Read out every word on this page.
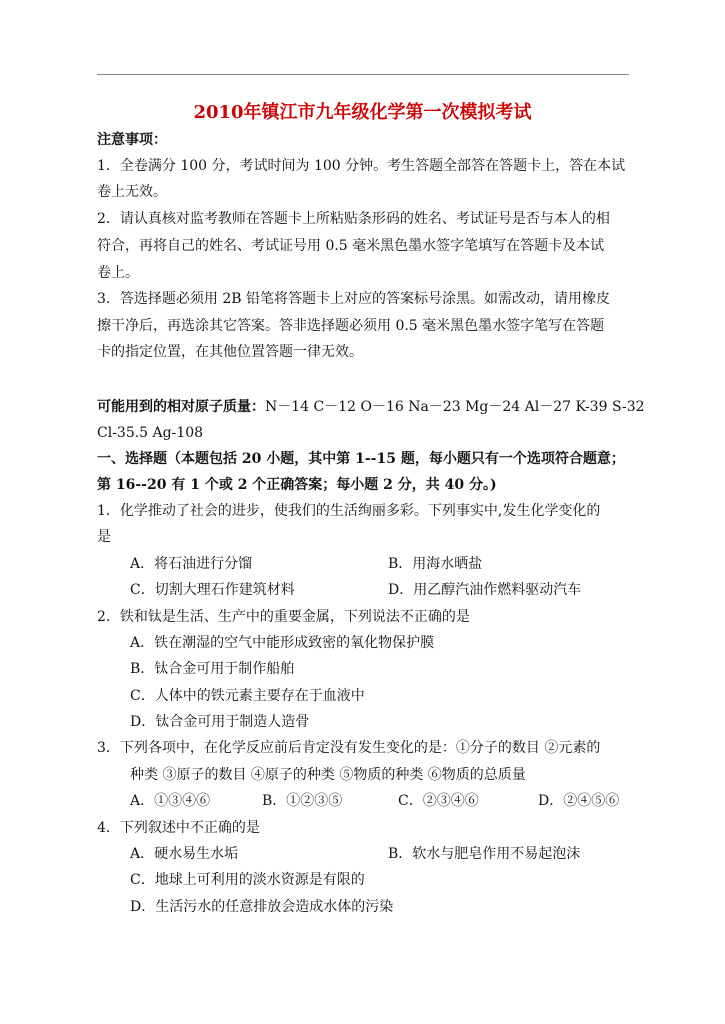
2010年镇江市九年级化学第一次模拟考试
注意事项：
1．全卷满分 100 分，考试时间为 100 分钟。考生答题全部答在答题卡上，答在本试
卷上无效。
2．请认真核对监考教师在答题卡上所粘贴条形码的姓名、考试证号是否与本人的相
符合，再将自己的姓名、考试证号用 0.5 毫米黑色墨水签字笔填写在答题卡及本试
卷上。
3．答选择题必须用 2B 铅笔将答题卡上对应的答案标号涂黑。如需改动，请用橡皮
擦干净后，再选涂其它答案。答非选择题必须用 0.5 毫米黑色墨水签字笔写在答题
卡的指定位置，在其他位置答题一律无效。
可能用到的相对原子质量：N－14 C－12 O－16 Na－23 Mg－24 Al－27 K-39 S-32
Cl-35.5 Ag-108
一、选择题（本题包括 20 小题，其中第 1--15 题，每小题只有一个选项符合题意；
第 16--20 有 1 个或 2 个正确答案；每小题 2 分，共 40 分。)
1．化学推动了社会的进步，使我们的生活绚丽多彩。下列事实中,发生化学变化的
是
A．将石油进行分馏	B．用海水晒盐
C．切割大理石作建筑材料	D．用乙醇汽油作燃料驱动汽车
2．铁和钛是生活、生产中的重要金属，下列说法不正确的是
A．铁在潮湿的空气中能形成致密的氧化物保护膜
B．钛合金可用于制作船舶
C．人体中的铁元素主要存在于血液中
D．钛合金可用于制造人造骨
3．下列各项中，在化学反应前后肯定没有发生变化的是：①分子的数目 ②元素的
种类 ③原子的数目 ④原子的种类 ⑤物质的种类 ⑥物质的总质量
A．①③④⑥	B．①②③⑤	C．②③④⑥	D．②④⑤⑥
4．下列叙述中不正确的是
A．硬水易生水垢	B．软水与肥皂作用不易起泡沫
C．地球上可利用的淡水资源是有限的
D．生活污水的任意排放会造成水体的污染
